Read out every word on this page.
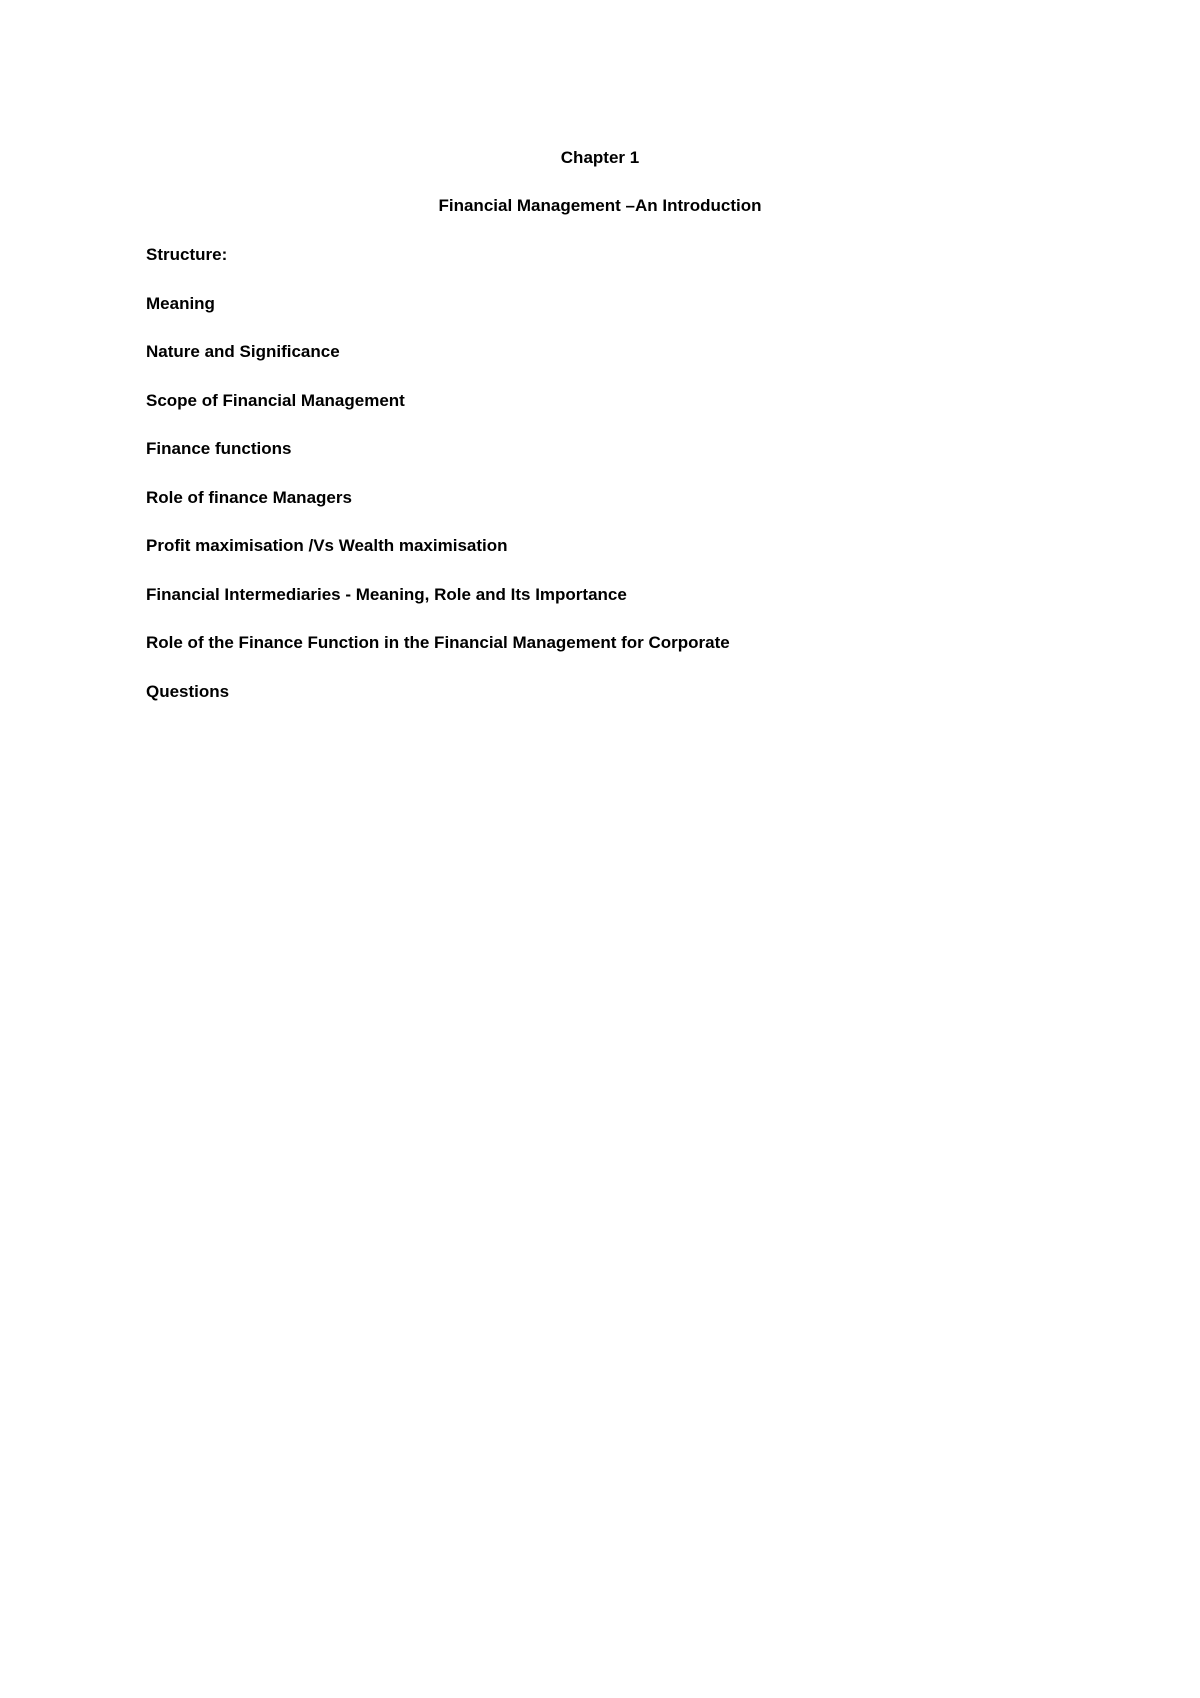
Chapter 1
Financial Management –An Introduction

Structure:

Meaning
Nature and Significance
Scope of Financial Management
Finance functions
Role of finance Managers
Profit maximisation /Vs Wealth maximisation
Financial Intermediaries - Meaning, Role and Its Importance
Role of the Finance Function in the Financial Management for Corporate
Questions
